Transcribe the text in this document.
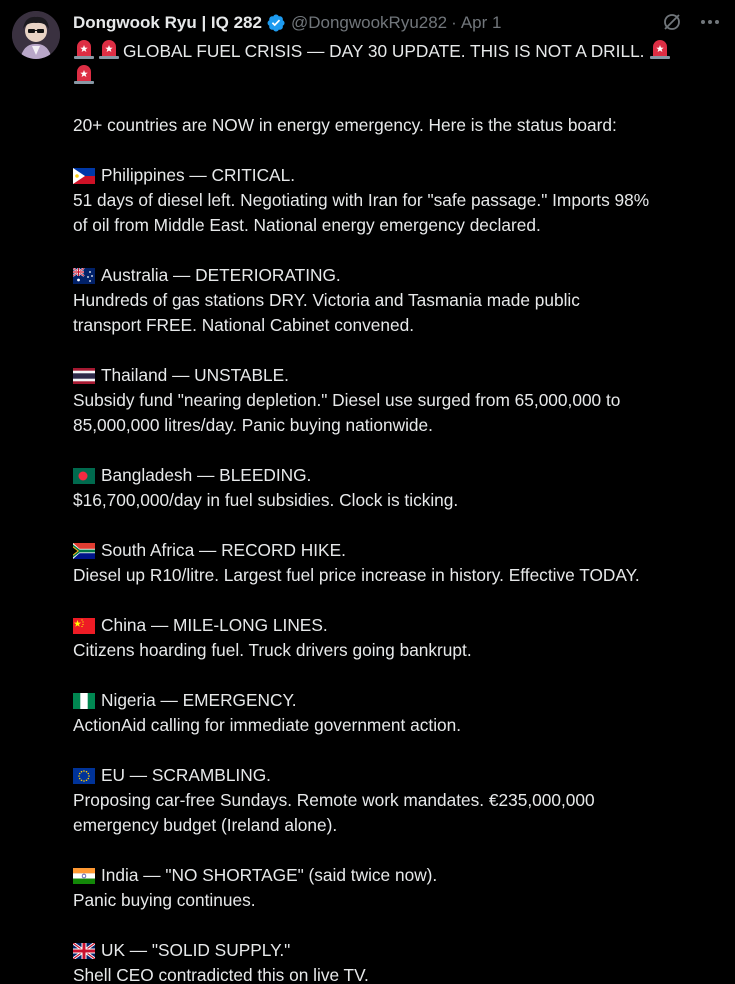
Dongwook Ryu | IQ 282 @DongwookRyu282 · Apr 1
GLOBAL FUEL CRISIS — DAY 30 UPDATE. THIS IS NOT A DRILL.
20+ countries are NOW in energy emergency. Here is the status board:
Philippines — CRITICAL.
51 days of diesel left. Negotiating with Iran for "safe passage." Imports 98%
of oil from Middle East. National energy emergency declared.
Australia — DETERIORATING.
Hundreds of gas stations DRY. Victoria and Tasmania made public
transport FREE. National Cabinet convened.
Thailand — UNSTABLE.
Subsidy fund "nearing depletion." Diesel use surged from 65,000,000 to
85,000,000 litres/day. Panic buying nationwide.
Bangladesh — BLEEDING.
$16,700,000/day in fuel subsidies. Clock is ticking.
South Africa — RECORD HIKE.
Diesel up R10/litre. Largest fuel price increase in history. Effective TODAY.
China — MILE-LONG LINES.
Citizens hoarding fuel. Truck drivers going bankrupt.
Nigeria — EMERGENCY.
ActionAid calling for immediate government action.
EU — SCRAMBLING.
Proposing car-free Sundays. Remote work mandates. €235,000,000
emergency budget (Ireland alone).
India — "NO SHORTAGE" (said twice now).
Panic buying continues.
UK — "SOLID SUPPLY."
Shell CEO contradicted this on live TV.
